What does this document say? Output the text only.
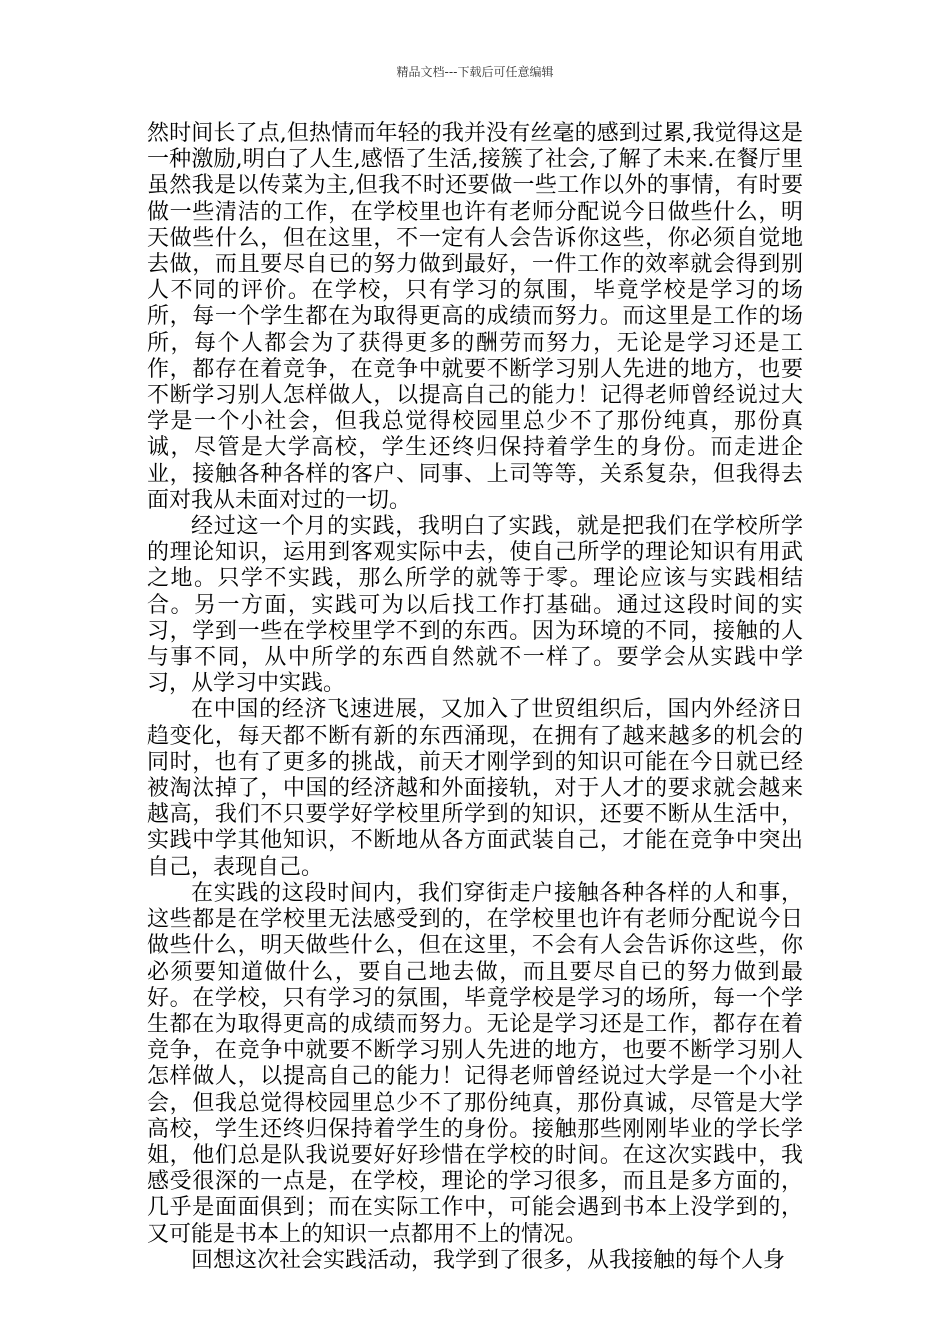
精品文档---下载后可任意编辑

然时间长了点,但热情而年轻的我并没有丝毫的感到过累,我觉得这是一种激励,明白了人生,感悟了生活,接簇了社会,了解了未来.在餐厅里虽然我是以传菜为主,但我不时还要做一些工作以外的事情，有时要做一些清洁的工作，在学校里也许有老师分配说今日做些什么，明天做些什么，但在这里，不一定有人会告诉你这些，你必须自觉地去做，而且要尽自已的努力做到最好，一件工作的效率就会得到别人不同的评价。在学校，只有学习的氛围，毕竟学校是学习的场所，每一个学生都在为取得更高的成绩而努力。而这里是工作的场所，每个人都会为了获得更多的酬劳而努力，无论是学习还是工作，都存在着竞争，在竞争中就要不断学习别人先进的地方，也要不断学习别人怎样做人，以提高自己的能力！记得老师曾经说过大学是一个小社会，但我总觉得校园里总少不了那份纯真，那份真诚，尽管是大学高校，学生还终归保持着学生的身份。而走进企业，接触各种各样的客户、同事、上司等等，关系复杂，但我得去面对我从未面对过的一切。

经过这一个月的实践，我明白了实践，就是把我们在学校所学的理论知识，运用到客观实际中去，使自己所学的理论知识有用武之地。只学不实践，那么所学的就等于零。理论应该与实践相结合。另一方面，实践可为以后找工作打基础。通过这段时间的实习，学到一些在学校里学不到的东西。因为环境的不同，接触的人与事不同，从中所学的东西自然就不一样了。要学会从实践中学习，从学习中实践。

在中国的经济飞速进展，又加入了世贸组织后，国内外经济日趋变化，每天都不断有新的东西涌现，在拥有了越来越多的机会的同时，也有了更多的挑战，前天才刚学到的知识可能在今日就已经被淘汰掉了，中国的经济越和外面接轨，对于人才的要求就会越来越高，我们不只要学好学校里所学到的知识，还要不断从生活中，实践中学其他知识，不断地从各方面武装自己，才能在竞争中突出自己，表现自己。

在实践的这段时间内，我们穿街走户接触各种各样的人和事，这些都是在学校里无法感受到的，在学校里也许有老师分配说今日做些什么，明天做些什么，但在这里，不会有人会告诉你这些，你必须要知道做什么，要自己地去做，而且要尽自已的努力做到最好。在学校，只有学习的氛围，毕竟学校是学习的场所，每一个学生都在为取得更高的成绩而努力。无论是学习还是工作，都存在着竞争，在竞争中就要不断学习别人先进的地方，也要不断学习别人怎样做人，以提高自己的能力！记得老师曾经说过大学是一个小社会，但我总觉得校园里总少不了那份纯真，那份真诚，尽管是大学高校，学生还终归保持着学生的身份。接触那些刚刚毕业的学长学姐，他们总是队我说要好好珍惜在学校的时间。在这次实践中，我感受很深的一点是，在学校，理论的学习很多，而且是多方面的，几乎是面面俱到；而在实际工作中，可能会遇到书本上没学到的，又可能是书本上的知识一点都用不上的情况。

回想这次社会实践活动，我学到了很多，从我接触的每个人身
